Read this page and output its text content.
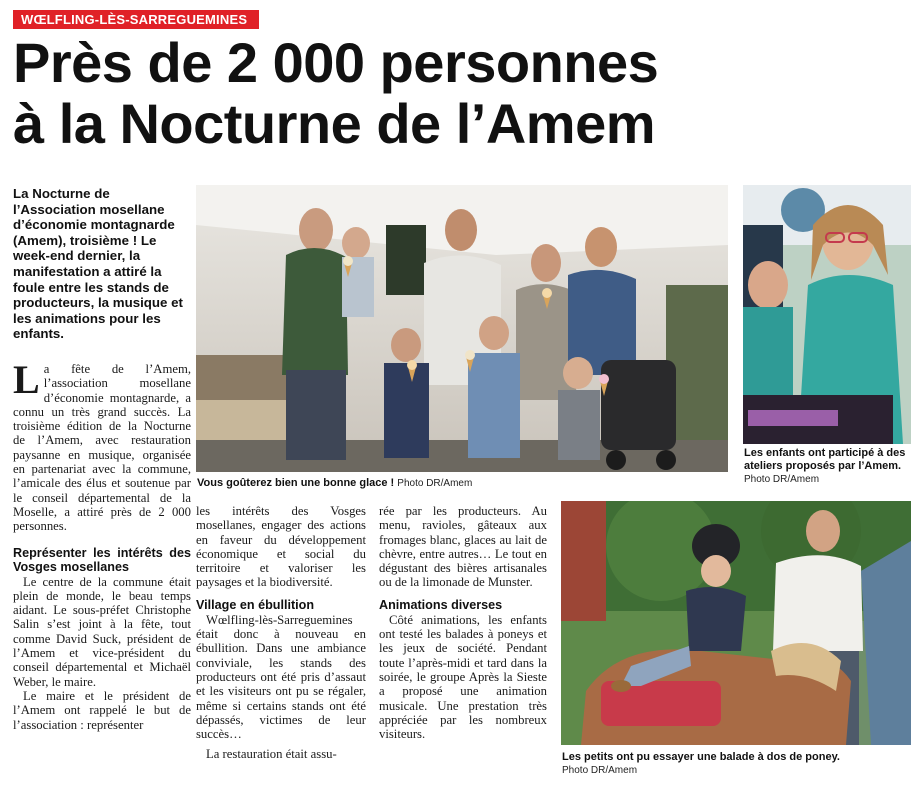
WŒLFLING-LÈS-SARREGUEMINES
Près de 2 000 personnes
à la Nocturne de l’Amem

La Nocturne de l’Association mosellane d’économie montagnarde (Amem), troisième ! Le week-end dernier, la manifestation a attiré la foule entre les stands de producteurs, la musique et les animations pour les enfants.

La fête de l’Amem, l’association mosellane d’économie montagnarde, a connu un très grand succès. La troisième édition de la Nocturne de l’Amem, avec restauration paysanne en musique, organisée en partenariat avec la commune, l’amicale des élus et soutenue par le conseil départemental de la Moselle, a attiré près de 2 000 personnes.

Représenter les intérêts des Vosges mosellanes

Le centre de la commune était plein de monde, le beau temps aidant. Le sous-préfet Christophe Salin s’est joint à la fête, tout comme David Suck, président de l’Amem et vice-président du conseil départemental et Michaël Weber, le maire.

Le maire et le président de l’Amem ont rappelé le but de l’association : représenter

Vous goûterez bien une bonne glace ! Photo DR/Amem

Les enfants ont participé à des ateliers proposés par l’Amem.
Photo DR/Amem

les intérêts des Vosges mosellanes, engager des actions en faveur du développement économique et social du territoire et valoriser les paysages et la biodiversité.

Village en ébullition

Wœlfling-lès-Sarreguemines était donc à nouveau en ébullition. Dans une ambiance conviviale, les stands des producteurs ont été pris d’assaut et les visiteurs ont pu se régaler, même si certains stands ont été dépassés, victimes de leur succès…

La restauration était assu-

rée par les producteurs. Au menu, ravioles, gâteaux aux fromages blanc, glaces au lait de chèvre, entre autres… Le tout en dégustant des bières artisanales ou de la limonade de Munster.

Animations diverses

Côté animations, les enfants ont testé les balades à poneys et les jeux de société. Pendant toute l’après-midi et tard dans la soirée, le groupe Après la Sieste a proposé une animation musicale. Une prestation très appréciée par les nombreux visiteurs.

Les petits ont pu essayer une balade à dos de poney.
Photo DR/Amem
